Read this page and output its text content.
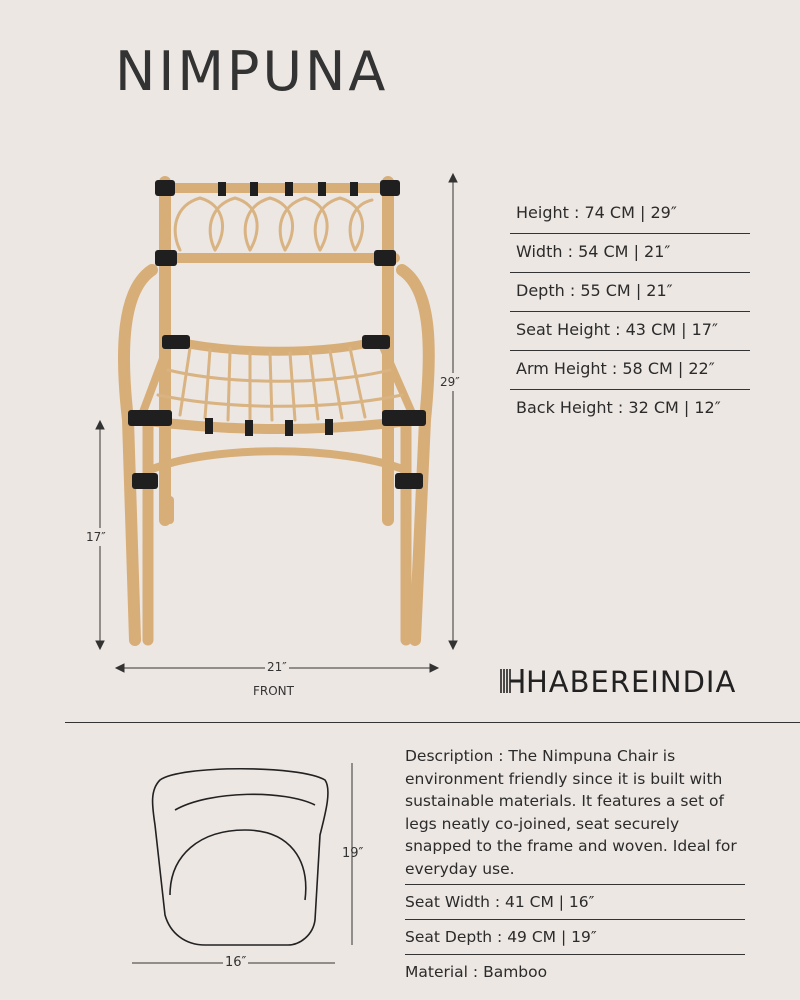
NIMPUNA
29″
17″
21″
FRONT
Height : 74 CM | 29″
Width : 54 CM | 21″
Depth : 55 CM | 21″
Seat Height : 43 CM | 17″
Arm Height : 58 CM | 22″
Back Height : 32 CM | 12″
HABEREINDIA
19″
16″
Description : The Nimpuna Chair is environment friendly since it is built with sustainable materials. It features a set of legs neatly co-joined, seat securely snapped to the frame and woven. Ideal for everyday use.
Seat Width : 41 CM | 16″
Seat Depth : 49 CM | 19″
Material : Bamboo
